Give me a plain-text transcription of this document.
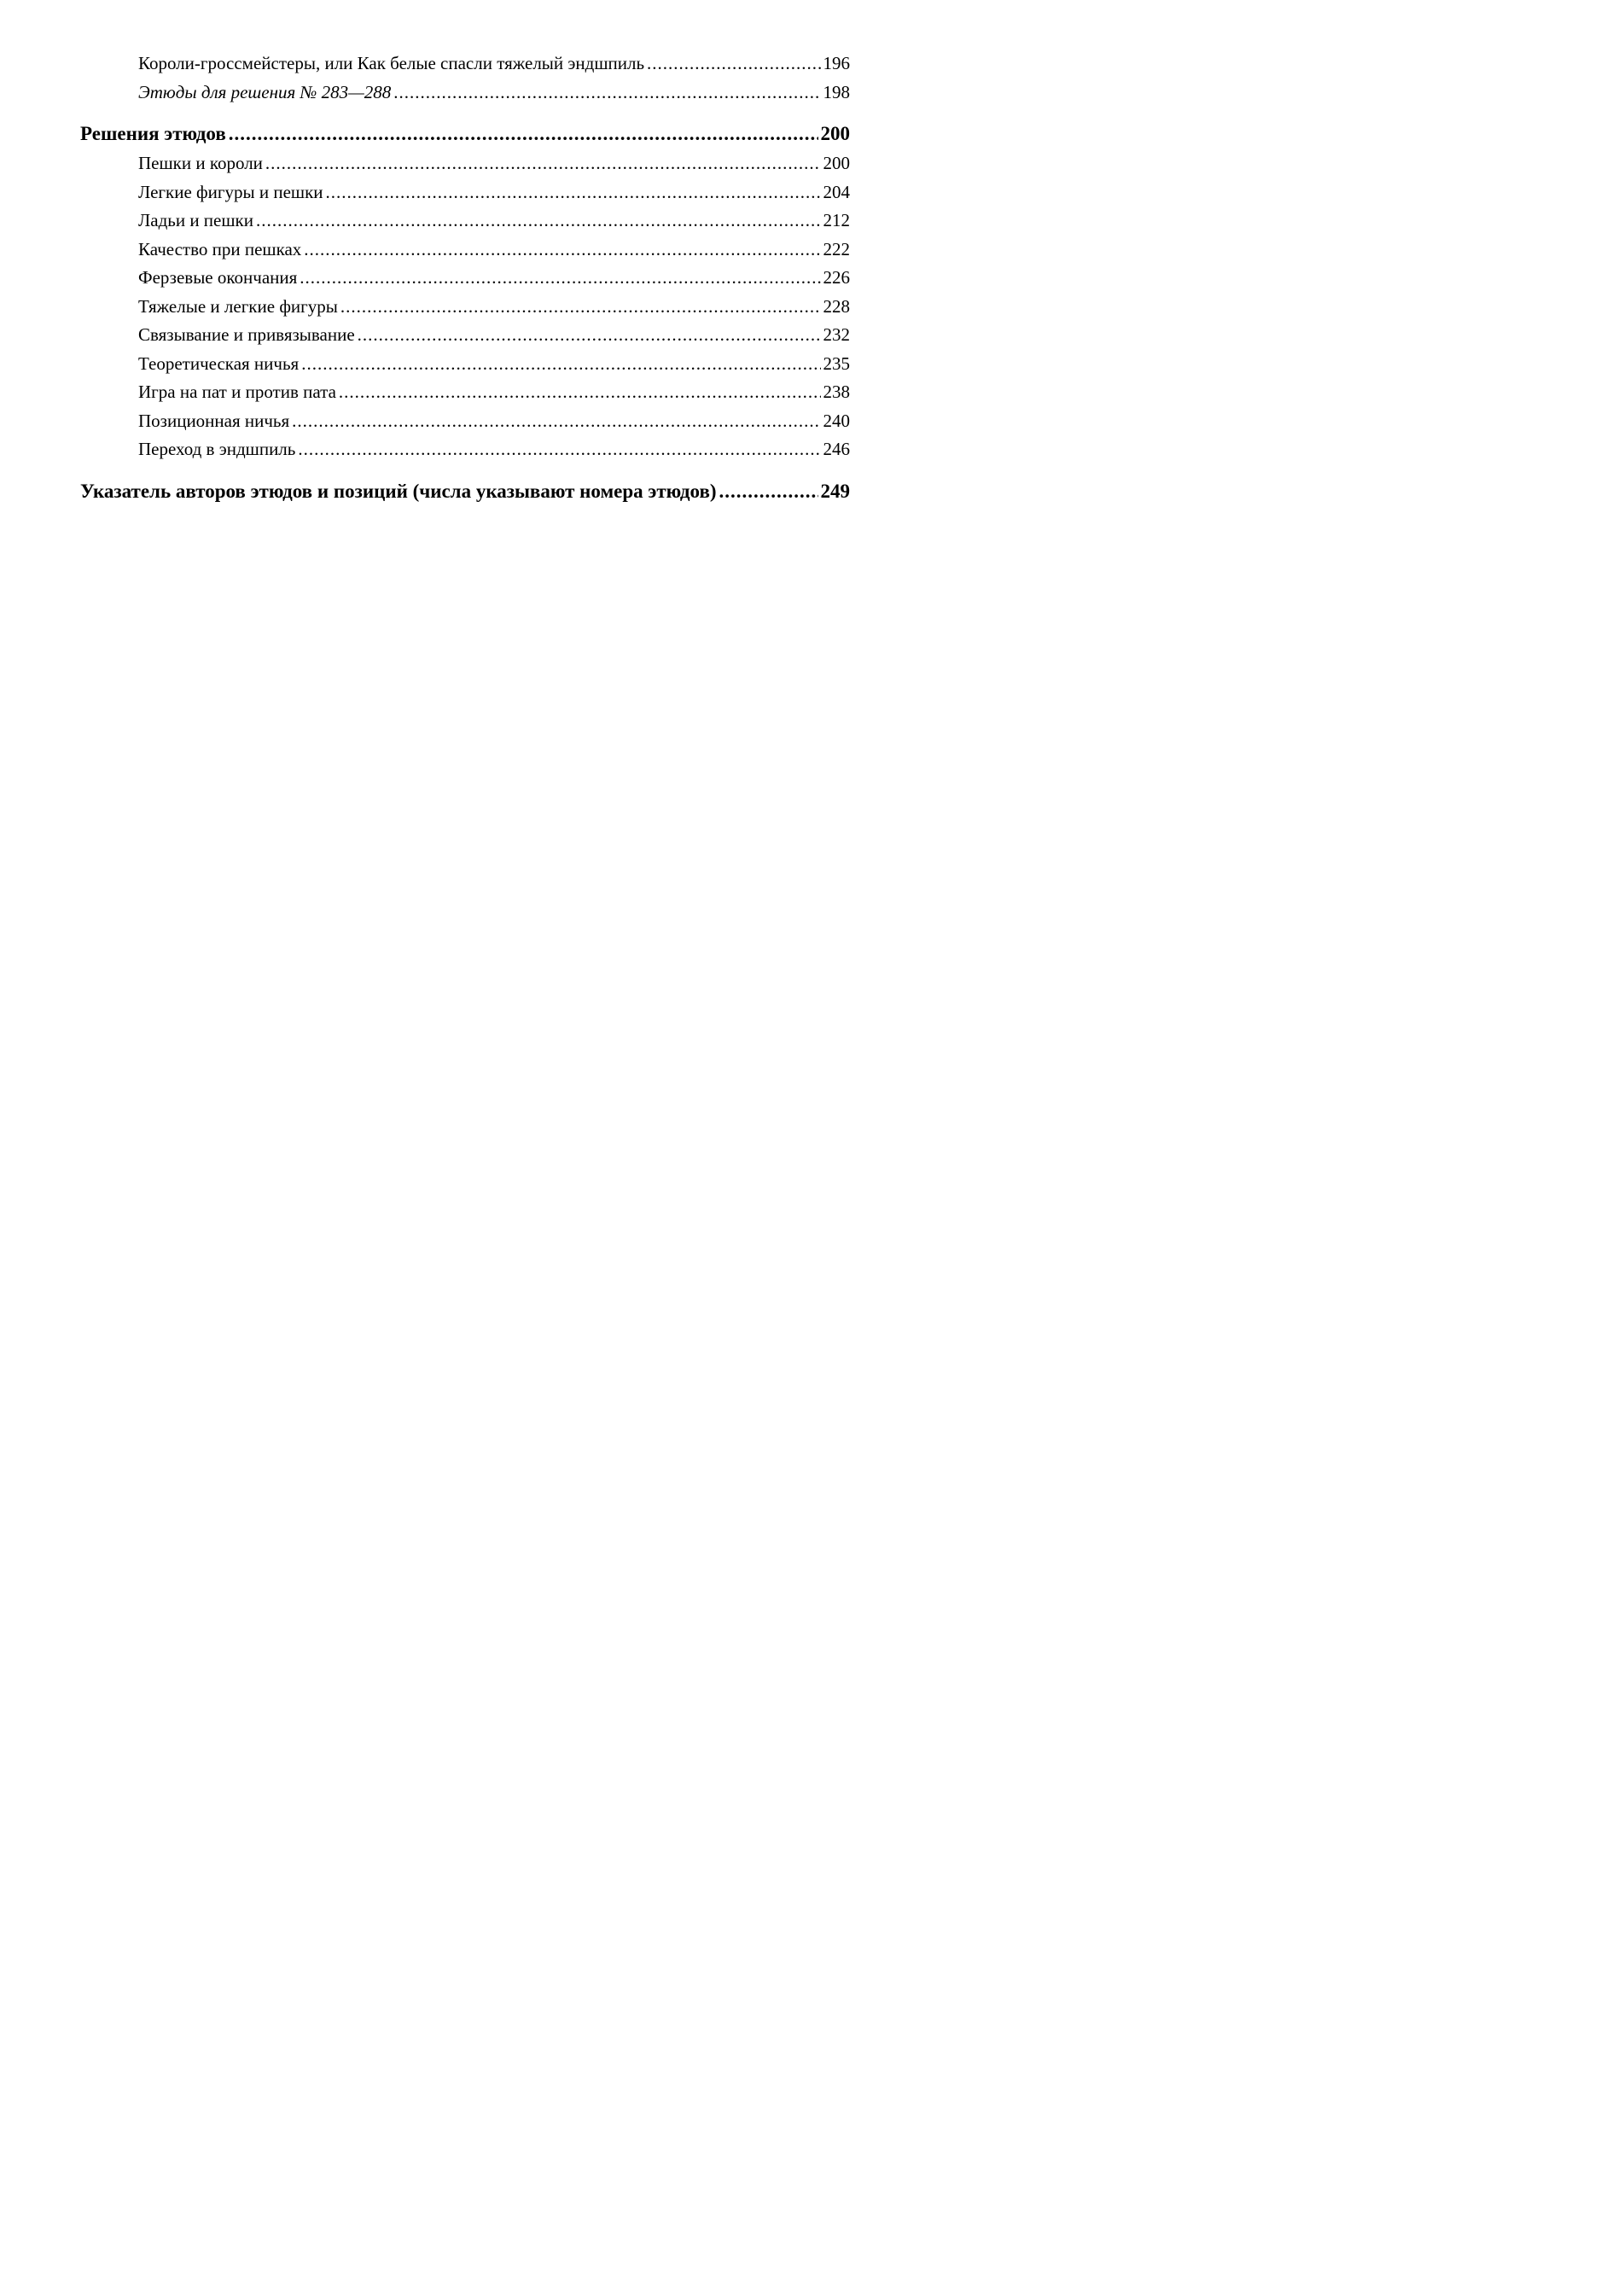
Короли-гроссмейстеры, или Как белые спасли тяжелый эндшпиль .....	196
Этюды для решения № 283—288 .....	198
Решения этюдов .....	200
Пешки и короли .....	200
Легкие фигуры и пешки .....	204
Ладьи и пешки .....	212
Качество при пешках .....	222
Ферзевые окончания .....	226
Тяжелые и легкие фигуры .....	228
Связывание и привязывание .....	232
Теоретическая ничья .....	235
Игра на пат и против пата .....	238
Позиционная ничья .....	240
Переход в эндшпиль .....	246
Указатель авторов этюдов и позиций (числа указывают номера этюдов) .....	249
